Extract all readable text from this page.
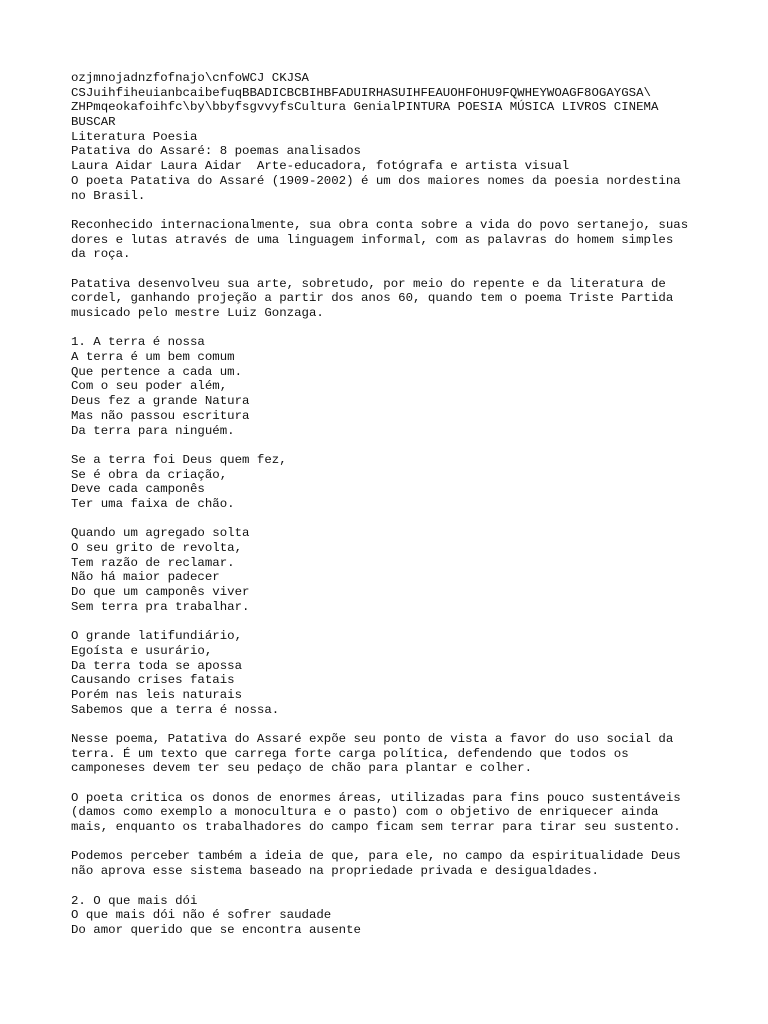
ozjmnojadnzfofnajo\cnfoWCJ CKJSA
CSJuihfiheuianbcaibefuqBBADICBCBIHBFADUIRHASUIHFEAUOHFOHU9FQWHEYWOAGF8OGAYGSA\
ZHPmqeokafoihfc\by\bbyfsgvvyfsCultura GenialPINTURA POESIA MÚSICA LIVROS CINEMA
BUSCAR
Literatura Poesia
Patativa do Assaré: 8 poemas analisados
Laura Aidar Laura Aidar  Arte-educadora, fotógrafa e artista visual
O poeta Patativa do Assaré (1909-2002) é um dos maiores nomes da poesia nordestina
no Brasil.
Reconhecido internacionalmente, sua obra conta sobre a vida do povo sertanejo, suas
dores e lutas através de uma linguagem informal, com as palavras do homem simples
da roça.
Patativa desenvolveu sua arte, sobretudo, por meio do repente e da literatura de
cordel, ganhando projeção a partir dos anos 60, quando tem o poema Triste Partida
musicado pelo mestre Luiz Gonzaga.
1. A terra é nossa
A terra é um bem comum
Que pertence a cada um.
Com o seu poder além,
Deus fez a grande Natura
Mas não passou escritura
Da terra para ninguém.
Se a terra foi Deus quem fez,
Se é obra da criação,
Deve cada camponês
Ter uma faixa de chão.
Quando um agregado solta
O seu grito de revolta,
Tem razão de reclamar.
Não há maior padecer
Do que um camponês viver
Sem terra pra trabalhar.
O grande latifundiário,
Egoísta e usurário,
Da terra toda se apossa
Causando crises fatais
Porém nas leis naturais
Sabemos que a terra é nossa.
Nesse poema, Patativa do Assaré expõe seu ponto de vista a favor do uso social da
terra. É um texto que carrega forte carga política, defendendo que todos os
camponeses devem ter seu pedaço de chão para plantar e colher.
O poeta critica os donos de enormes áreas, utilizadas para fins pouco sustentáveis
(damos como exemplo a monocultura e o pasto) com o objetivo de enriquecer ainda
mais, enquanto os trabalhadores do campo ficam sem terrar para tirar seu sustento.
Podemos perceber também a ideia de que, para ele, no campo da espiritualidade Deus
não aprova esse sistema baseado na propriedade privada e desigualdades.
2. O que mais dói
O que mais dói não é sofrer saudade
Do amor querido que se encontra ausente
